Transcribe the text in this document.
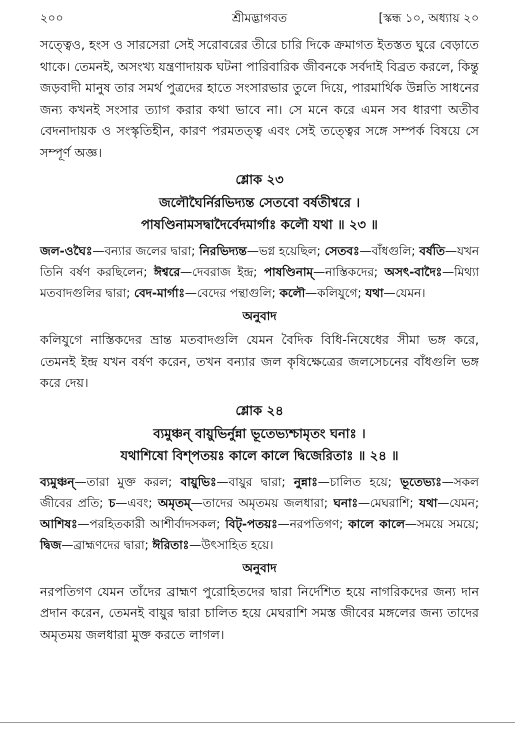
২০০	শ্রীমদ্ভাগবত	[স্কন্ধ ১০, অধ্যায় ২০

সত্ত্বেও, হংস ও সারসেরা সেই সরোবরের তীরে চারি দিকে ক্রমাগত ইতস্তত ঘুরে বেড়াতে থাকে। তেমনই, অসংখ্য যন্ত্রণাদায়ক ঘটনা পারিবারিক জীবনকে সর্বদাই বিব্রত করলে, কিন্তু জড়বাদী মানুষ তার সমর্থ পুত্রদের হাতে সংসারভার তুলে দিয়ে, পারমার্থিক উন্নতি সাধনের জন্য কখনই সংসার ত্যাগ করার কথা ভাবে না। সে মনে করে এমন সব ধারণা অতীব বেদনাদায়ক ও সংস্কৃতিহীন, কারণ পরমতত্ত্ব এবং সেই তত্ত্বের সঙ্গে সম্পর্ক বিষয়ে সে সম্পূর্ণ অজ্ঞ।

শ্লোক ২৩

জলৌঘৈর্নিরভিদ্যন্ত সেতবো বর্ষতীশ্বরে ।

পাষণ্ডিনামসদ্বাদৈর্বেদমার্গাঃ কলৌ যথা ॥ ২৩ ॥

জল-ওঘৈঃ—বন্যার জলের দ্বারা; নিরভিদ্যন্ত—ভগ্ন হয়েছিল; সেতবঃ—বাঁধগুলি; বর্ষতি—যখন তিনি বর্ষণ করছিলেন; ঈশ্বরে—দেবরাজ ইন্দ্র; পাষণ্ডিনাম্—নাস্তিকদের; অসৎ-বাদৈঃ—মিথ্যা মতবাদগুলির দ্বারা; বেদ-মার্গাঃ—বেদের পন্থাগুলি; কলৌ—কলিযুগে; যথা—যেমন।

অনুবাদ

কলিযুগে নাস্তিকদের ভ্রান্ত মতবাদগুলি যেমন বৈদিক বিধি-নিষেধের সীমা ভঙ্গ করে, তেমনই ইন্দ্র যখন বর্ষণ করেন, তখন বন্যার জল কৃষিক্ষেত্রের জলসেচনের বাঁধগুলি ভঙ্গ করে দেয়।

শ্লোক ২৪

ব্যমুঞ্চন্ বায়ুভির্নুন্না ভূতেভ্যশ্চামৃতং ঘনাঃ ।

যথাশিষো বিশ্পতয়ঃ কালে কালে দ্বিজেরিতাঃ ॥ ২৪ ॥

ব্যমুঞ্চন্—তারা মুক্ত করল; বায়ুভিঃ—বায়ুর দ্বারা; নুন্নাঃ—চালিত হয়ে; ভূতেভ্যঃ—সকল জীবের প্রতি; চ—এবং; অমৃতম্—তাদের অমৃতময় জলধারা; ঘনাঃ—মেঘরাশি; যথা—যেমন; আশিষঃ—পরহিতকারী আশীর্বাদসকল; বিট্-পতয়ঃ—নরপতিগণ; কালে কালে—সময়ে সময়ে; দ্বিজ—ব্রাহ্মণদের দ্বারা; ঈরিতাঃ—উৎসাহিত হয়ে।

অনুবাদ

নরপতিগণ যেমন তাঁদের ব্রাহ্মণ পুরোহিতদের দ্বারা নির্দেশিত হয়ে নাগরিকদের জন্য দান প্রদান করেন, তেমনই বায়ুর দ্বারা চালিত হয়ে মেঘরাশি সমস্ত জীবের মঙ্গলের জন্য তাদের অমৃতময় জলধারা মুক্ত করতে লাগল।
